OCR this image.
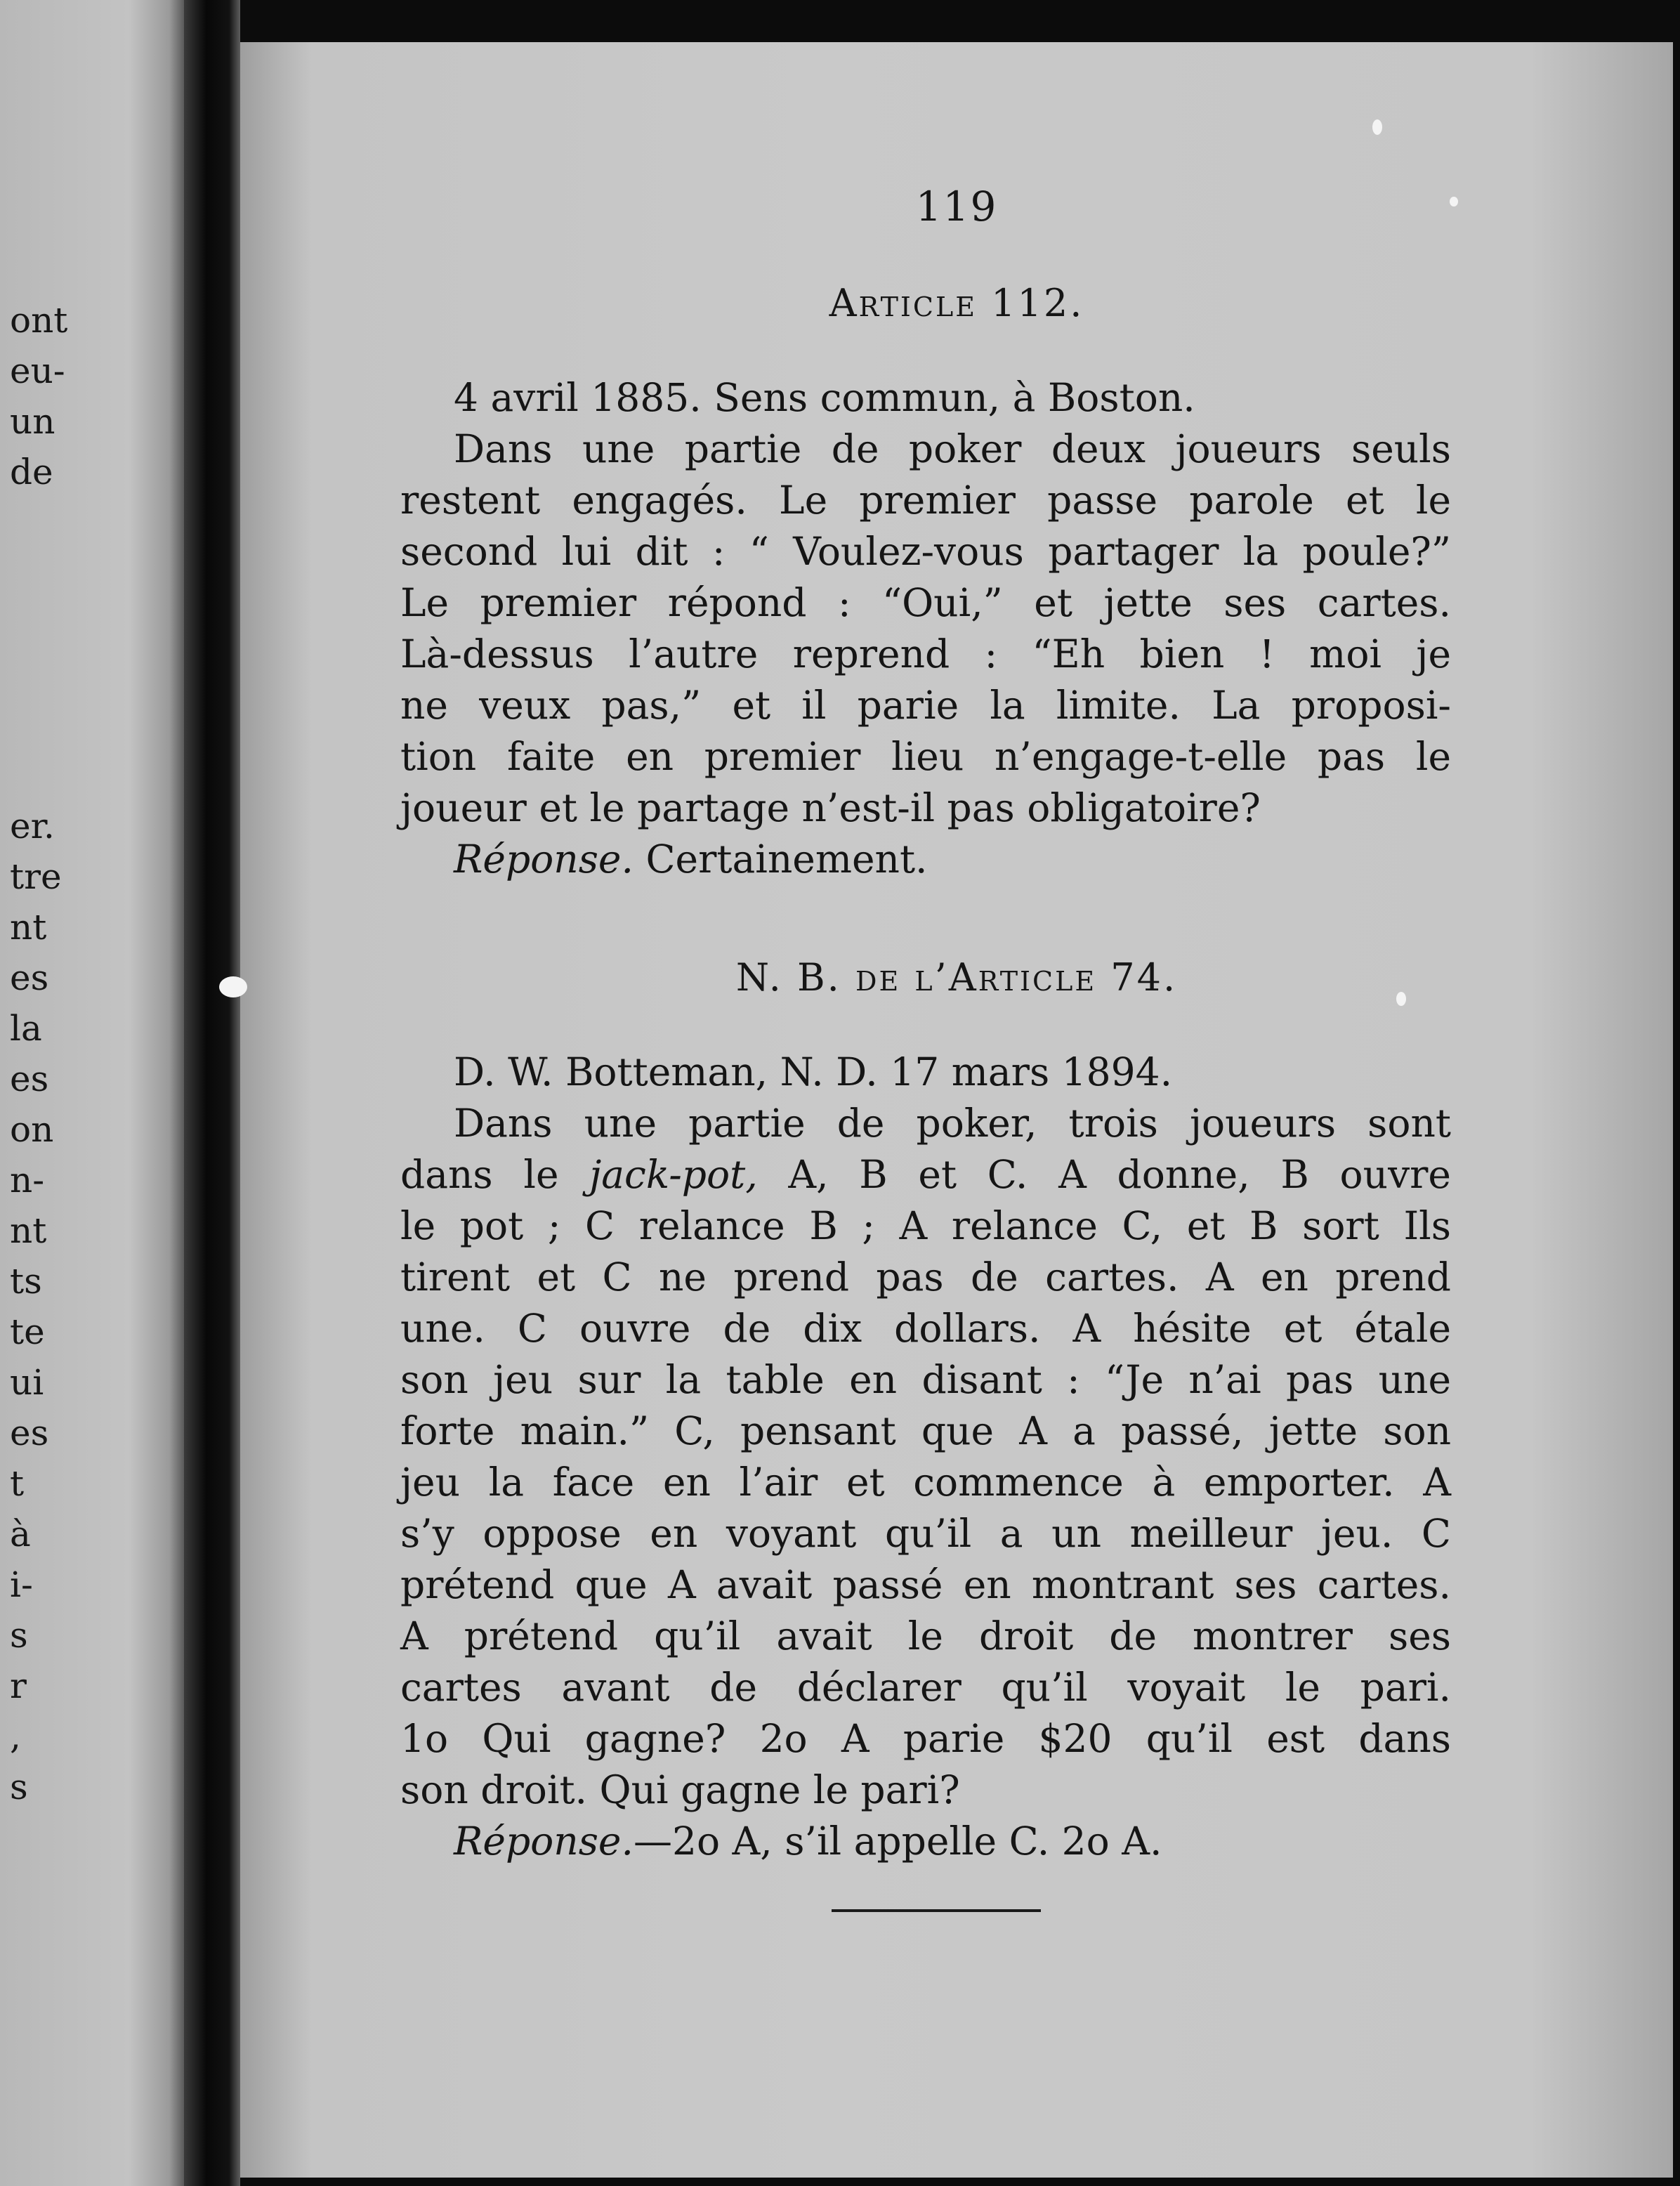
ont
eu-
un
de
er.
tre
nt
es
la
es
on
n-
nt
ts
te
ui
es
t
à
i-
s
r
,
s
119
Article 112.
4 avril 1885. Sens commun, à Boston.
Dans une partie de poker deux joueurs seuls
restent engagés. Le premier passe parole et le
second lui dit : “ Voulez-vous partager la poule?”
Le premier répond : “Oui,” et jette ses cartes.
Là-dessus l’autre reprend : “Eh bien ! moi je
ne veux pas,” et il parie la limite. La proposi-
tion faite en premier lieu n’engage-t-elle pas le
joueur et le partage n’est-il pas obligatoire?
Réponse. Certainement.
N. B. de l’Article 74.
D. W. Botteman, N. D. 17 mars 1894.
Dans une partie de poker, trois joueurs sont
dans le jack-pot, A, B et C. A donne, B ouvre
le pot ; C relance B ; A relance C, et B sort Ils
tirent et C ne prend pas de cartes. A en prend
une. C ouvre de dix dollars. A hésite et étale
son jeu sur la table en disant : “Je n’ai pas une
forte main.” C, pensant que A a passé, jette son
jeu la face en l’air et commence à emporter. A
s’y oppose en voyant qu’il a un meilleur jeu. C
prétend que A avait passé en montrant ses cartes.
A prétend qu’il avait le droit de montrer ses
cartes avant de déclarer qu’il voyait le pari.
1o Qui gagne? 2o A parie $20 qu’il est dans
son droit. Qui gagne le pari?
Réponse.—2o A, s’il appelle C. 2o A.
